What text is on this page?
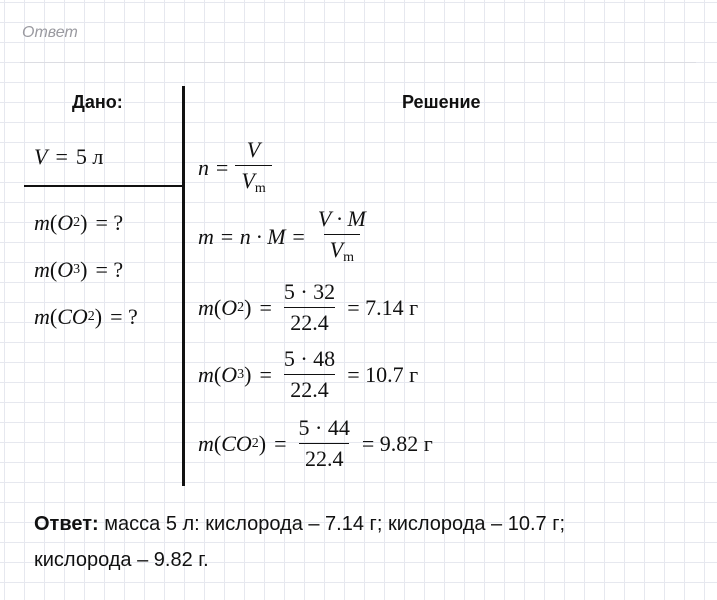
Ответ
Дано:	Решение
V = 5 л
m ( O 2 ) = ?
m ( O 3 ) = ?
m ( CO 2 ) = ?
$n = \frac{V}{V_m}$
$m = n \cdot M = \frac{V \cdot M}{V_m}$
m ( O 2 ) = $\frac{5 \cdot 32}{22.4} = 7.14$ г
m ( O 3 ) = $\frac{5 \cdot 48}{22.4} = 10.7$ г
m ( CO 2 ) = $\frac{5 \cdot 44}{22.4} = 9.82$ г
Ответ: масса 5 л: кислорода – 7.14 г; кислорода – 10.7 г;
кислорода – 9.82 г.
